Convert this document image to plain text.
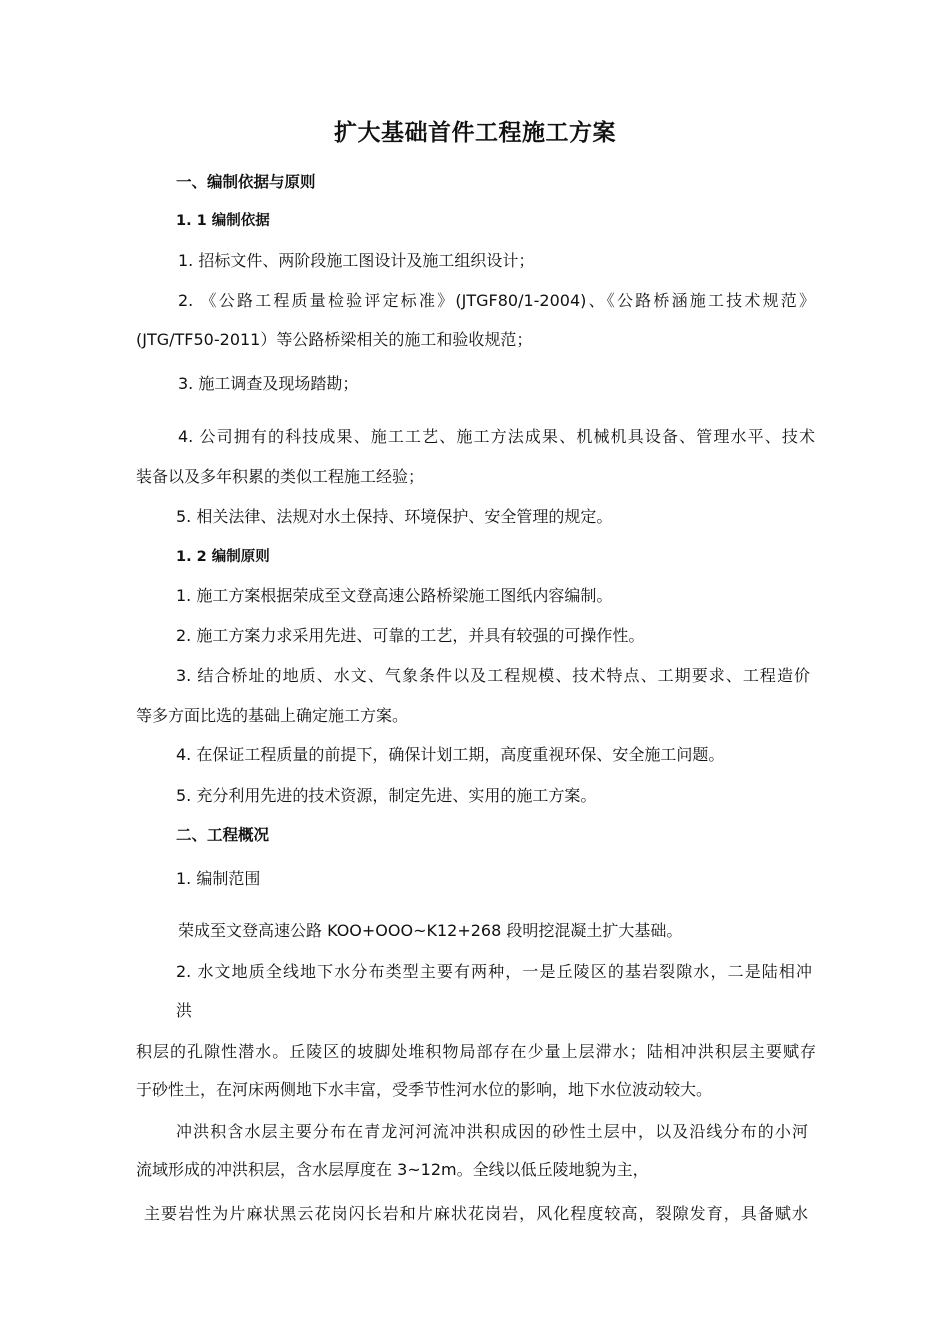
扩大基础首件工程施工方案
一、编制依据与原则
1. 1 编制依据
1. 招标文件、两阶段施工图设计及施工组织设计；
2. 《公路工程质量检验评定标准》(JTGF80/1-2004)、《公路桥涵施工技术规范》
(JTG/TF50-2011）等公路桥梁相关的施工和验收规范；
3. 施工调查及现场踏勘；
4. 公司拥有的科技成果、施工工艺、施工方法成果、机械机具设备、管理水平、技术
装备以及多年积累的类似工程施工经验；
5. 相关法律、法规对水土保持、环境保护、安全管理的规定。
1. 2 编制原则
1. 施工方案根据荣成至文登高速公路桥梁施工图纸内容编制。
2. 施工方案力求采用先进、可靠的工艺，并具有较强的可操作性。
3. 结合桥址的地质、水文、气象条件以及工程规模、技术特点、工期要求、工程造价
等多方面比选的基础上确定施工方案。
4. 在保证工程质量的前提下，确保计划工期，高度重视环保、安全施工问题。
5. 充分利用先进的技术资源，制定先进、实用的施工方案。
二、工程概况
1. 编制范围
荣成至文登高速公路 KOO+OOO~K12+268 段明挖混凝土扩大基础。
2. 水文地质全线地下水分布类型主要有两种，一是丘陵区的基岩裂隙水，二是陆相冲
洪
积层的孔隙性潜水。丘陵区的坡脚处堆积物局部存在少量上层滞水；陆相冲洪积层主要赋存
于砂性土，在河床两侧地下水丰富，受季节性河水位的影响，地下水位波动较大。
冲洪积含水层主要分布在青龙河河流冲洪积成因的砂性土层中，以及沿线分布的小河
流域形成的冲洪积层，含水层厚度在 3~12m。全线以低丘陵地貌为主，
主要岩性为片麻状黑云花岗闪长岩和片麻状花岗岩，风化程度较高，裂隙发育，具备赋水
